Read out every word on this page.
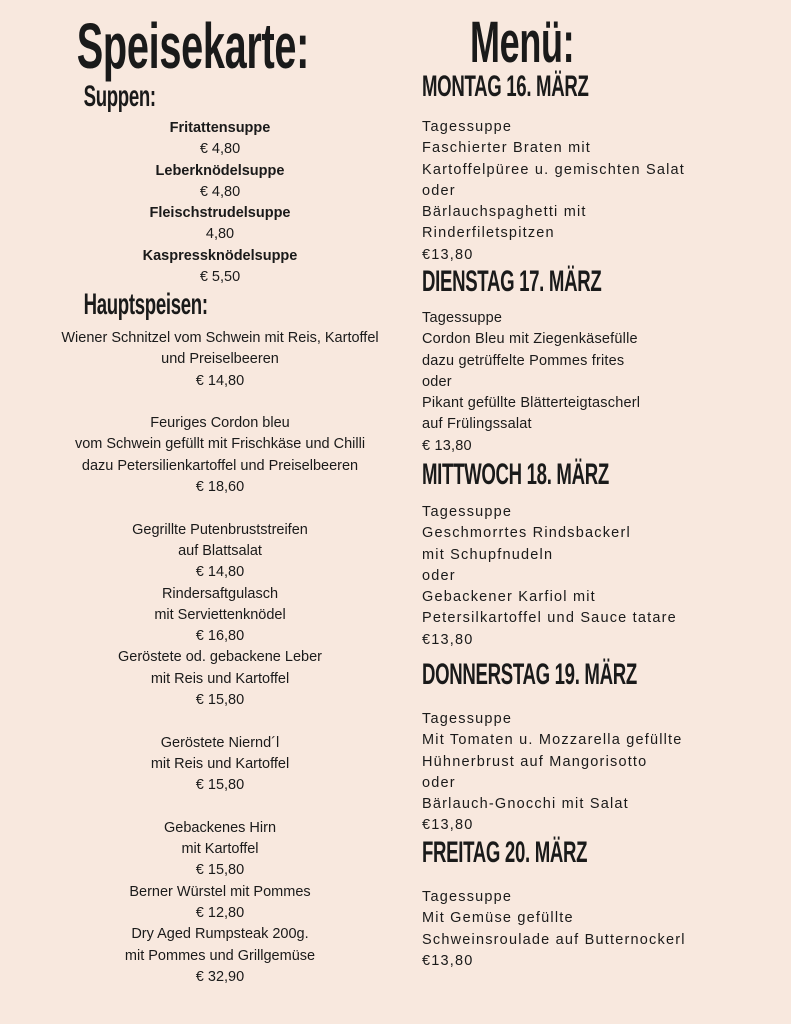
Speisekarte:
Suppen:

Fritattensuppe

€ 4,80

Leberknödelsuppe

€ 4,80

Fleischstrudelsuppe

4,80

Kaspressknödelsuppe

€ 5,50

Hauptspeisen:

Wiener Schnitzel vom Schwein mit Reis, Kartoffel

und Preiselbeeren

€ 14,80

Feuriges Cordon bleu

vom Schwein gefüllt mit Frischkäse und Chilli

dazu Petersilienkartoffel und Preiselbeeren

€ 18,60

Gegrillte Putenbruststreifen

auf Blattsalat

€ 14,80

Rindersaftgulasch

mit Serviettenknödel

€ 16,80

Geröstete od. gebackene Leber

mit Reis und Kartoffel

€ 15,80

Geröstete Niernd´l

mit Reis und Kartoffel

€ 15,80

Gebackenes Hirn

mit Kartoffel

€ 15,80

Berner Würstel mit Pommes

€ 12,80

Dry Aged Rumpsteak 200g.

mit Pommes und Grillgemüse

€ 32,90

Menü:
MONTAG 16. MÄRZ

Tagessuppe

Faschierter Braten mit

Kartoffelpüree u. gemischten Salat

oder

Bärlauchspaghetti mit

Rinderfiletspitzen

€13,80

DIENSTAG 17. MÄRZ

Tagessuppe

Cordon Bleu mit Ziegenkäsefülle

dazu getrüffelte Pommes frites

oder

Pikant gefüllte Blätterteigtascherl

auf Frülingssalat

€ 13,80

MITTWOCH 18. MÄRZ

Tagessuppe

Geschmorrtes Rindsbackerl

mit Schupfnudeln

oder

Gebackener Karfiol mit

Petersilkartoffel und Sauce tatare

€13,80

DONNERSTAG 19. MÄRZ

Tagessuppe

Mit Tomaten u. Mozzarella gefüllte

Hühnerbrust auf Mangorisotto

oder

Bärlauch-Gnocchi mit Salat

€13,80

FREITAG 20. MÄRZ

Tagessuppe

Mit Gemüse gefüllte

Schweinsroulade auf Butternockerl

€13,80
